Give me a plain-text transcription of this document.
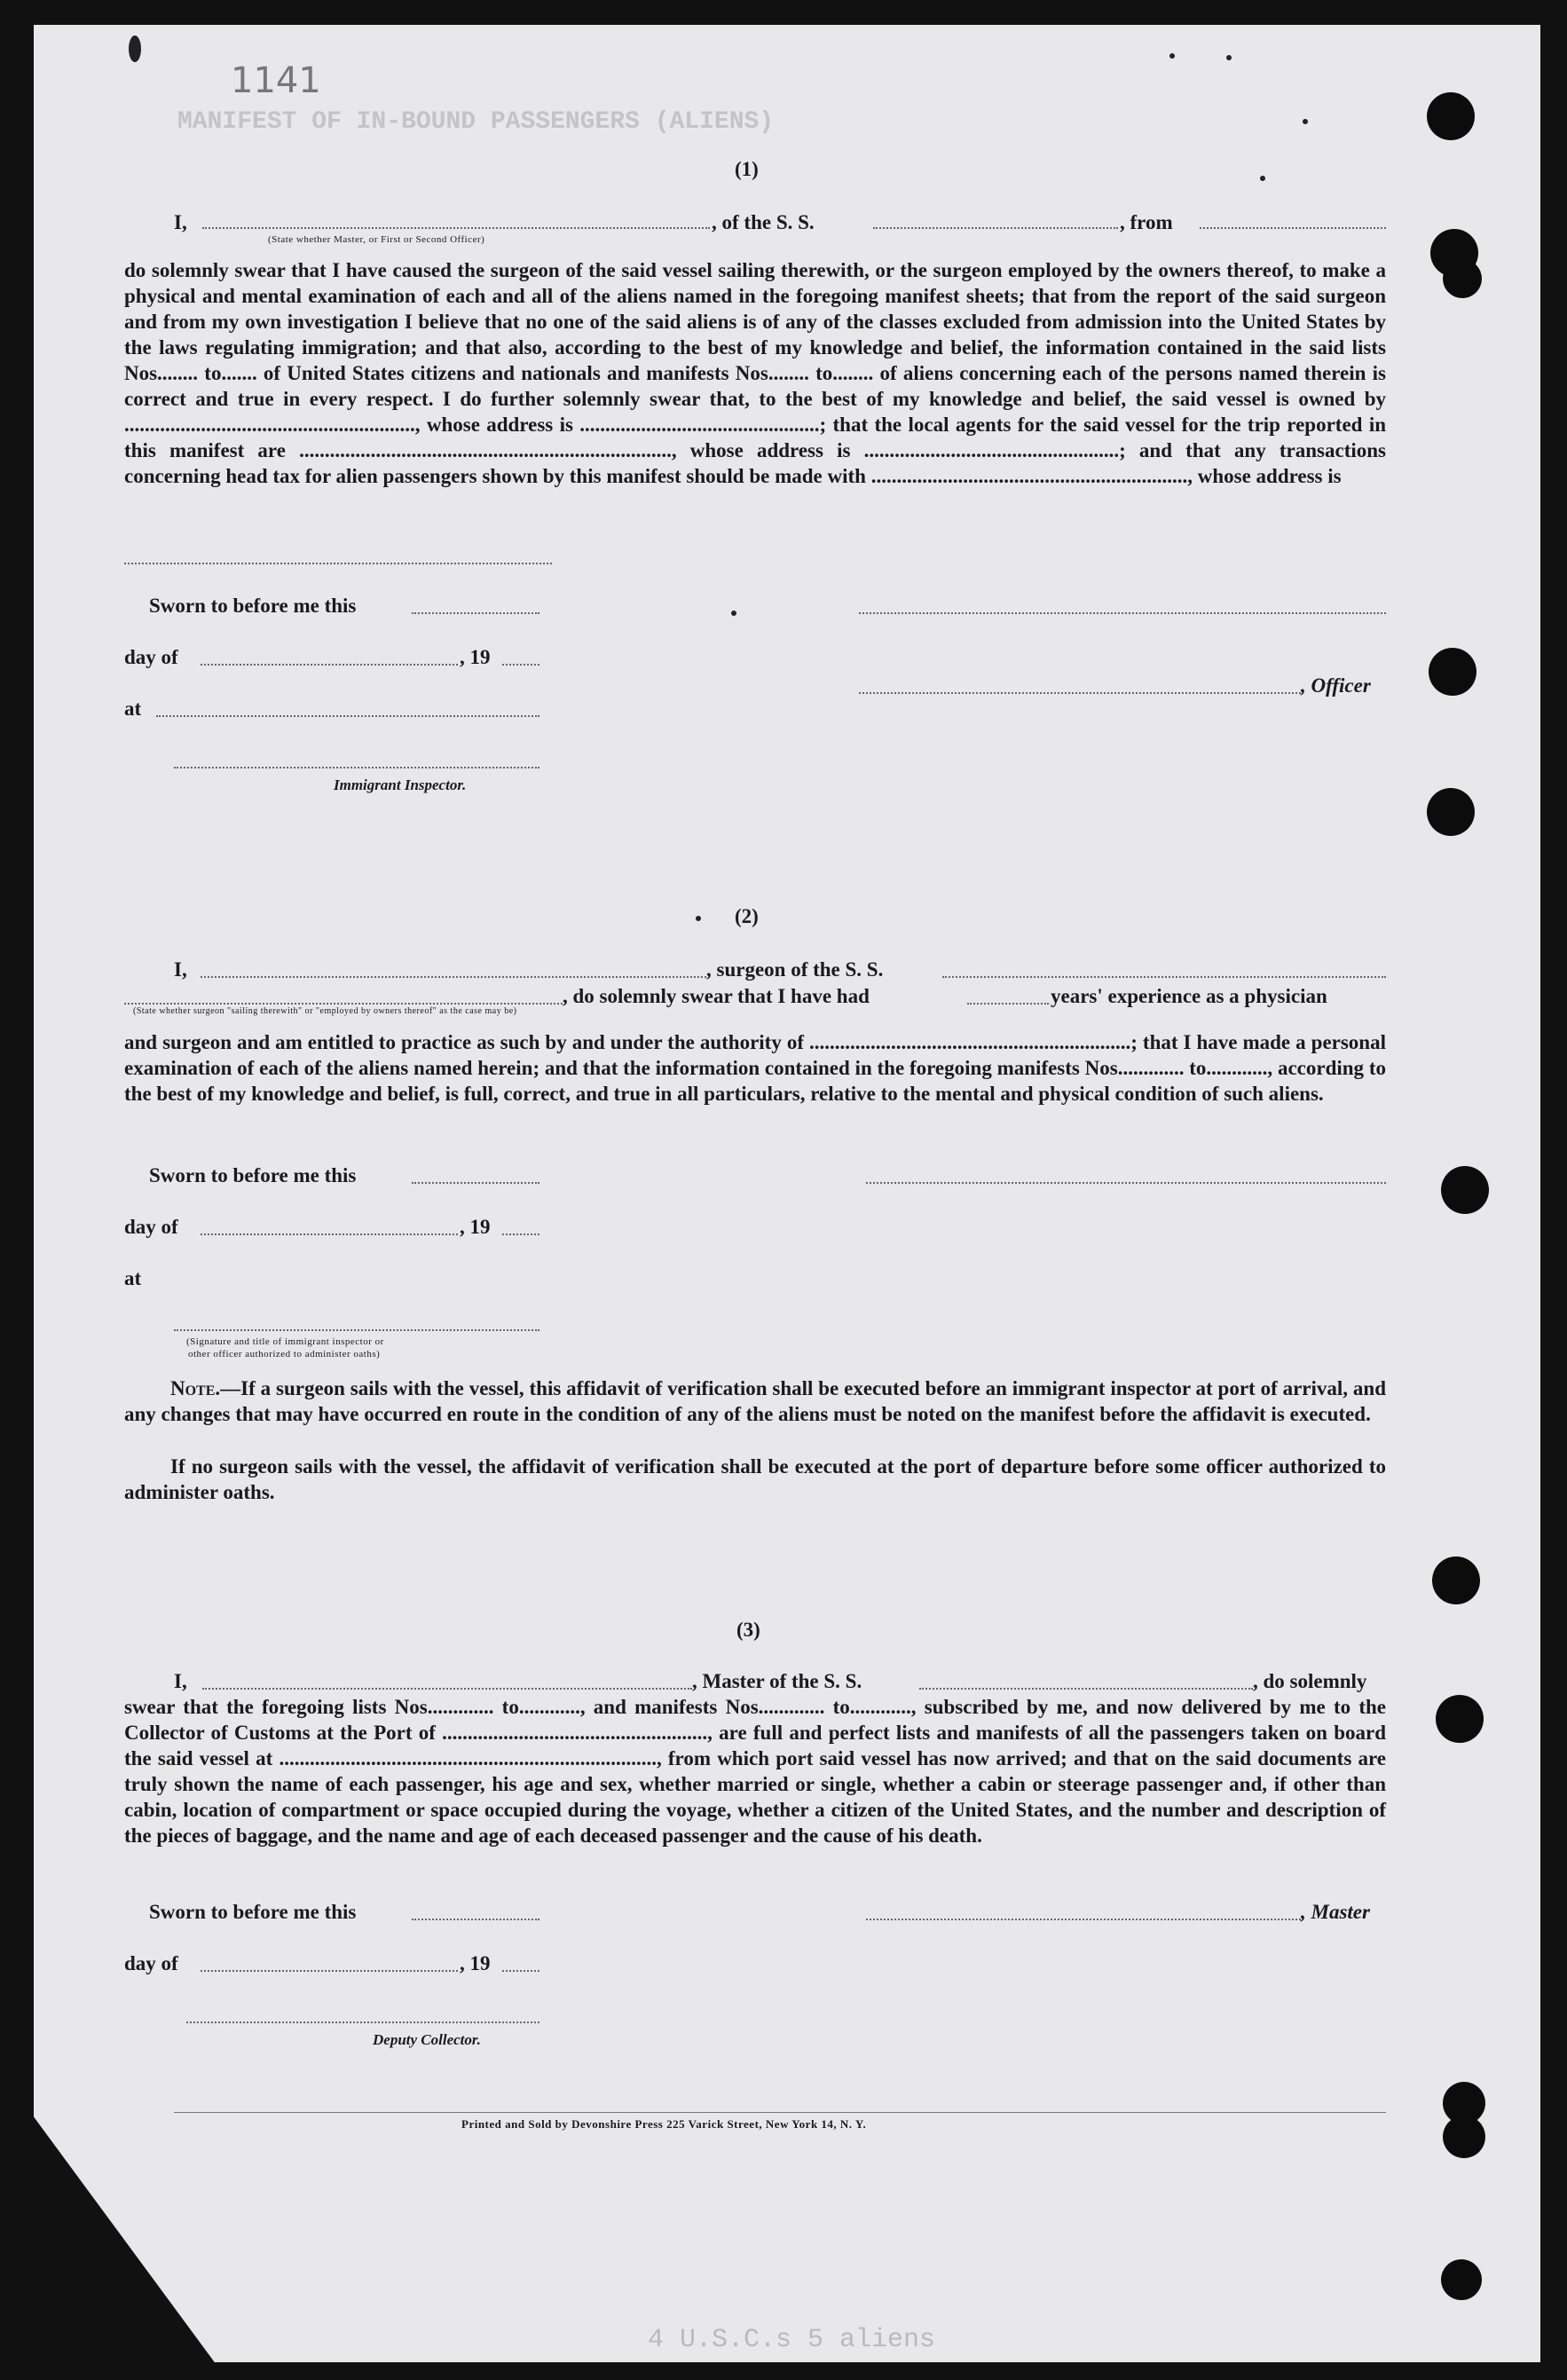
MANIFEST OF IN-BOUND PASSENGERS (ALIENS)
1141
(1)
I,	, of the S. S.	, from
(State whether Master, or First or Second Officer)
do solemnly swear that I have caused the surgeon of the said vessel sailing therewith, or the surgeon employed by the owners thereof, to make a physical and mental examination of each and all of the aliens named in the foregoing manifest sheets; that from the report of the said surgeon and from my own investigation I believe that no one of the said aliens is of any of the classes excluded from admission into the United States by the laws regulating immigration; and that also, according to the best of my knowledge and belief, the information contained in the said lists Nos........ to....... of United States citizens and nationals and manifests Nos........ to........ of aliens concerning each of the persons named therein is correct and true in every respect. I do further solemnly swear that, to the best of my knowledge and belief, the said vessel is owned by ........................................................., whose address is ...............................................; that the local agents for the said vessel for the trip reported in this manifest are ........................................................................., whose address is ..................................................; and that any transactions concerning head tax for alien passengers shown by this manifest should be made with .............................................................., whose address is
Sworn to before me this
day of	, 19
, Officer
at
Immigrant Inspector.
(2)
I,	, surgeon of the S. S.
, do solemnly swear that I have had	years' experience as a physician
(State whether surgeon "sailing therewith" or "employed by owners thereof" as the case may be)
and surgeon and am entitled to practice as such by and under the authority of ...............................................................; that I have made a personal examination of each of the aliens named herein; and that the information contained in the foregoing manifests Nos............. to............, according to the best of my knowledge and belief, is full, correct, and true in all particulars, relative to the mental and physical condition of such aliens.
Sworn to before me this
day of	, 19
at
(Signature and title of immigrant inspector or
other officer authorized to administer oaths)
Note.—If a surgeon sails with the vessel, this affidavit of verification shall be executed before an immigrant inspector at port of arrival, and any changes that may have occurred en route in the condition of any of the aliens must be noted on the manifest before the affidavit is executed.
If no surgeon sails with the vessel, the affidavit of verification shall be executed at the port of departure before some officer authorized to administer oaths.
(3)
I,	, Master of the S. S.	, do solemnly
swear that the foregoing lists Nos............. to............, and manifests Nos............. to............, subscribed by me, and now delivered by me to the Collector of Customs at the Port of ...................................................., are full and perfect lists and manifests of all the passengers taken on board the said vessel at .........................................................................., from which port said vessel has now arrived; and that on the said documents are truly shown the name of each passenger, his age and sex, whether married or single, whether a cabin or steerage passenger and, if other than cabin, location of compartment or space occupied during the voyage, whether a citizen of the United States, and the number and description of the pieces of baggage, and the name and age of each deceased passenger and the cause of his death.
Sworn to before me this	, Master
day of	, 19
Deputy Collector.
Printed and Sold by Devonshire Press 225 Varick Street, New York 14, N. Y.
4 U.S.C.s 5 aliens
